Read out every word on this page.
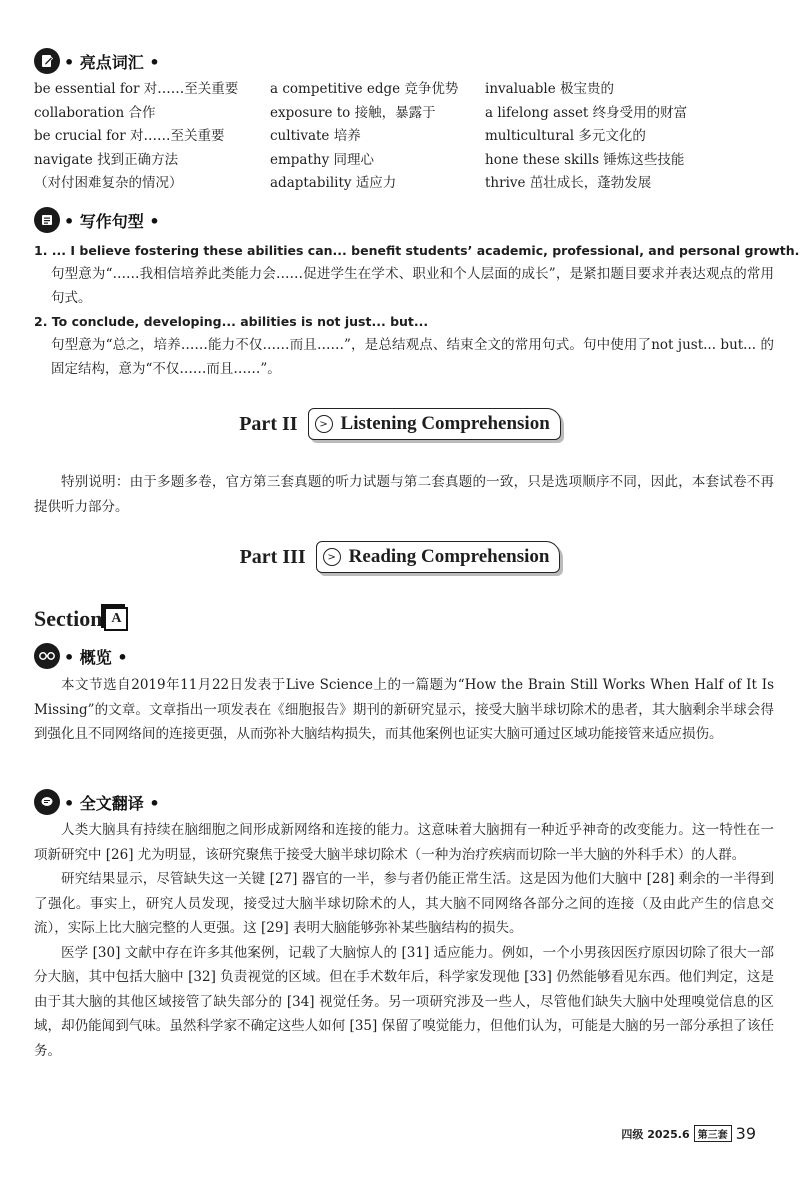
• 亮点词汇 •
be essential for 对……至关重要
collaboration 合作
be crucial for 对……至关重要
navigate 找到正确方法
（对付困难复杂的情况）
a competitive edge 竞争优势
exposure to 接触，暴露于
cultivate 培养
empathy 同理心
adaptability 适应力
invaluable 极宝贵的
a lifelong asset 终身受用的财富
multicultural 多元文化的
hone these skills 锤炼这些技能
thrive 茁壮成长，蓬勃发展
• 写作句型 •
1. ... I believe fostering these abilities can... benefit students’ academic, professional, and personal growth.
句型意为“……我相信培养此类能力会……促进学生在学术、职业和个人层面的成长”，是紧扣题目要求并表达观点的常用句式。
2. To conclude, developing... abilities is not just... but...
句型意为“总之，培养……能力不仅……而且……”，是总结观点、结束全文的常用句式。句中使用了not just... but... 的固定结构，意为“不仅……而且……”。
Part II	> Listening Comprehension

特别说明：由于多题多卷，官方第三套真题的听力试题与第二套真题的一致，只是选项顺序不同，因此，本套试卷不再提供听力部分。

Part III	> Reading Comprehension
Section A
• 概览 •

本文节选自2019年11月22日发表于Live Science上的一篇题为“How the Brain Still Works When Half of It Is Missing”的文章。文章指出一项发表在《细胞报告》期刊的新研究显示，接受大脑半球切除术的患者，其大脑剩余半球会得到强化且不同网络间的连接更强，从而弥补大脑结构损失，而其他案例也证实大脑可通过区域功能接管来适应损伤。

• 全文翻译 •

人类大脑具有持续在脑细胞之间形成新网络和连接的能力。这意味着大脑拥有一种近乎神奇的改变能力。这一特性在一项新研究中 [26] 尤为明显，该研究聚焦于接受大脑半球切除术（一种为治疗疾病而切除一半大脑的外科手术）的人群。

研究结果显示，尽管缺失这一关键 [27] 器官的一半，参与者仍能正常生活。这是因为他们大脑中 [28] 剩余的一半得到了强化。事实上，研究人员发现，接受过大脑半球切除术的人，其大脑不同网络各部分之间的连接（及由此产生的信息交流），实际上比大脑完整的人更强。这 [29] 表明大脑能够弥补某些脑结构的损失。

医学 [30] 文献中存在许多其他案例，记载了大脑惊人的 [31] 适应能力。例如，一个小男孩因医疗原因切除了很大一部分大脑，其中包括大脑中 [32] 负责视觉的区域。但在手术数年后，科学家发现他 [33] 仍然能够看见东西。他们判定，这是由于其大脑的其他区域接管了缺失部分的 [34] 视觉任务。另一项研究涉及一些人，尽管他们缺失大脑中处理嗅觉信息的区域，却仍能闻到气味。虽然科学家不确定这些人如何 [35] 保留了嗅觉能力，但他们认为，可能是大脑的另一部分承担了该任务。

四级 2025.6 第三套 39
